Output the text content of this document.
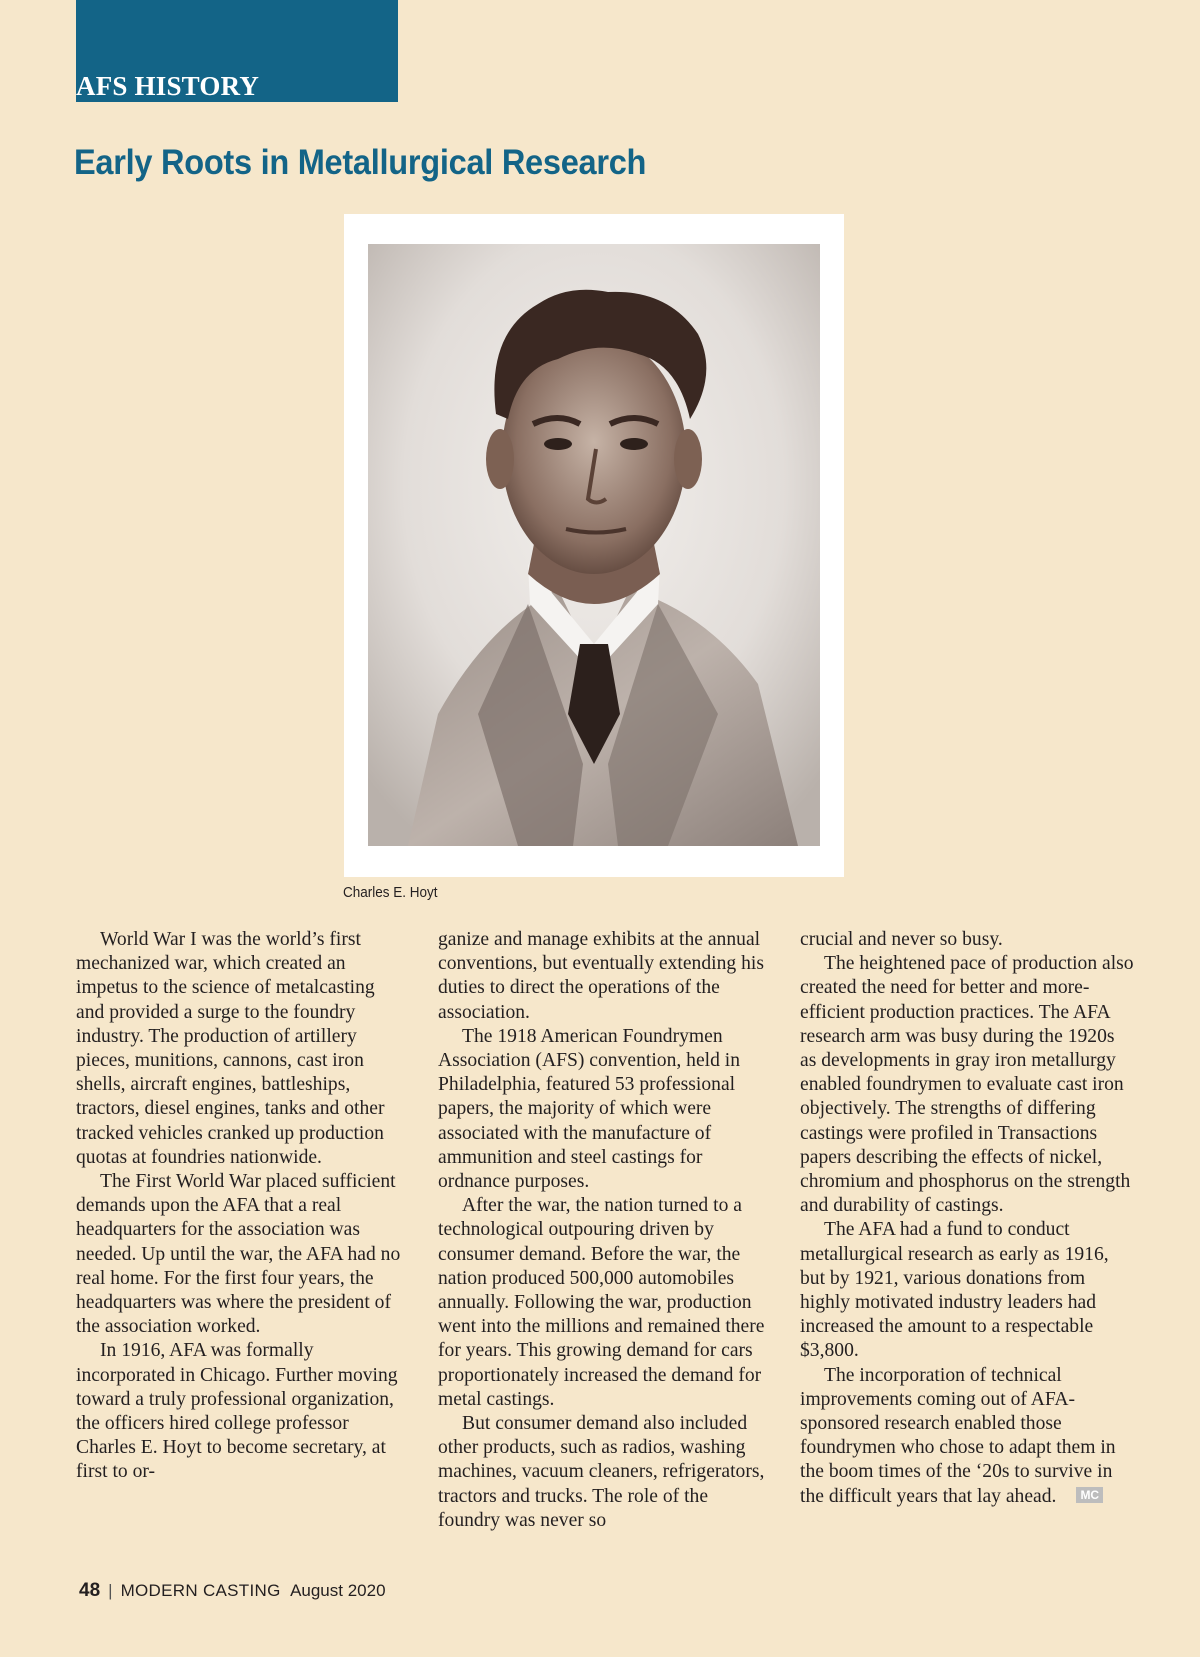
AFS HISTORY
Early Roots in Metallurgical Research
Charles E. Hoyt

World War I was the world’s first mechanized war, which created an impetus to the science of metalcasting and provided a surge to the foundry industry. The production of artillery pieces, munitions, cannons, cast iron shells, aircraft engines, battleships, tractors, diesel engines, tanks and other tracked vehicles cranked up production quotas at foundries nationwide.

The First World War placed sufficient demands upon the AFA that a real headquarters for the association was needed. Up until the war, the AFA had no real home. For the first four years, the headquarters was where the president of the association worked.

In 1916, AFA was formally incorporated in Chicago. Further moving toward a truly professional organization, the officers hired college professor Charles E. Hoyt to become secretary, at first to or-

ganize and manage exhibits at the annual conventions, but eventually extending his duties to direct the operations of the association.

The 1918 American Foundrymen Association (AFS) convention, held in Philadelphia, featured 53 professional papers, the majority of which were associated with the manufacture of ammunition and steel castings for ordnance purposes.

After the war, the nation turned to a technological outpouring driven by consumer demand. Before the war, the nation produced 500,000 automobiles annually. Following the war, production went into the millions and remained there for years. This growing demand for cars proportionately increased the demand for metal castings.

But consumer demand also included other products, such as radios, washing machines, vacuum cleaners, refrigerators, tractors and trucks. The role of the foundry was never so

crucial and never so busy.

The heightened pace of production also created the need for better and more-efficient production practices. The AFA research arm was busy during the 1920s as developments in gray iron metallurgy enabled foundrymen to evaluate cast iron objectively. The strengths of differing castings were profiled in Transactions papers describing the effects of nickel, chromium and phosphorus on the strength and durability of castings.

The AFA had a fund to conduct metallurgical research as early as 1916, but by 1921, various donations from highly motivated industry leaders had increased the amount to a respectable $3,800.

The incorporation of technical improvements coming out of AFA-sponsored research enabled those foundrymen who chose to adapt them in the boom times of the ‘20s to survive in the difficult years that lay ahead. MC

48 | MODERN CASTING August 2020
